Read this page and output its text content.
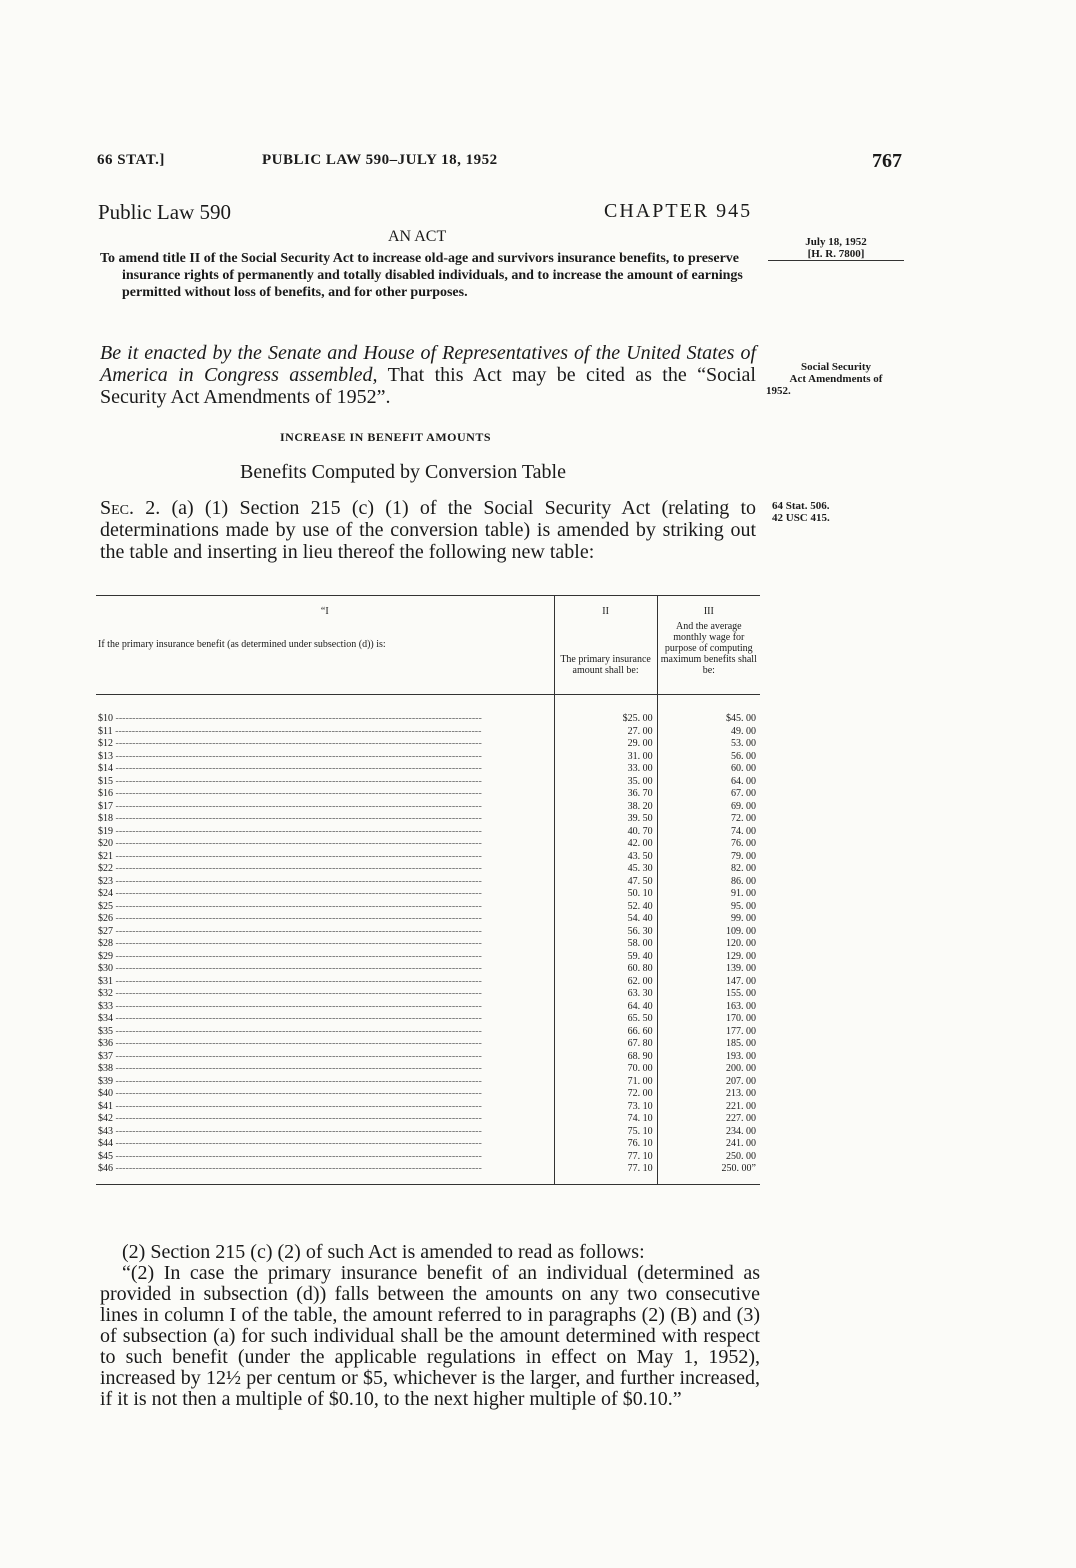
66 STAT.]	PUBLIC LAW 590–JULY 18, 1952	767
Public Law 590	CHAPTER 945
AN ACT
To amend title II of the Social Security Act to increase old-age and survivors insurance benefits, to preserve insurance rights of permanently and totally disabled individuals, and to increase the amount of earnings permitted without loss of benefits, and for other purposes.
July 18, 1952
[H. R. 7800]
Social Security
Act Amendments of
1952.
64 Stat. 506.
42 USC 415.
Be it enacted by the Senate and House of Representatives of the United States of America in Congress assembled, That this Act may be cited as the “Social Security Act Amendments of 1952”.
INCREASE IN BENEFIT AMOUNTS
Benefits Computed by Conversion Table
Sec. 2. (a) (1) Section 215 (c) (1) of the Social Security Act (relating to determinations made by use of the conversion table) is amended by striking out the table and inserting in lieu thereof the following new table:
“I	II	III
If the primary insurance benefit (as determined under subsection (d)) is:	The primary insurance amount shall be:	And the average monthly wage for purpose of computing maximum benefits shall be:
$10 --------------------------------------------------------------------------------------------------------------	$25. 00	$45. 00
$11 --------------------------------------------------------------------------------------------------------------	27. 00	49. 00
$12 --------------------------------------------------------------------------------------------------------------	29. 00	53. 00
$13 --------------------------------------------------------------------------------------------------------------	31. 00	56. 00
$14 --------------------------------------------------------------------------------------------------------------	33. 00	60. 00
$15 --------------------------------------------------------------------------------------------------------------	35. 00	64. 00
$16 --------------------------------------------------------------------------------------------------------------	36. 70	67. 00
$17 --------------------------------------------------------------------------------------------------------------	38. 20	69. 00
$18 --------------------------------------------------------------------------------------------------------------	39. 50	72. 00
$19 --------------------------------------------------------------------------------------------------------------	40. 70	74. 00
$20 --------------------------------------------------------------------------------------------------------------	42. 00	76. 00
$21 --------------------------------------------------------------------------------------------------------------	43. 50	79. 00
$22 --------------------------------------------------------------------------------------------------------------	45. 30	82. 00
$23 --------------------------------------------------------------------------------------------------------------	47. 50	86. 00
$24 --------------------------------------------------------------------------------------------------------------	50. 10	91. 00
$25 --------------------------------------------------------------------------------------------------------------	52. 40	95. 00
$26 --------------------------------------------------------------------------------------------------------------	54. 40	99. 00
$27 --------------------------------------------------------------------------------------------------------------	56. 30	109. 00
$28 --------------------------------------------------------------------------------------------------------------	58. 00	120. 00
$29 --------------------------------------------------------------------------------------------------------------	59. 40	129. 00
$30 --------------------------------------------------------------------------------------------------------------	60. 80	139. 00
$31 --------------------------------------------------------------------------------------------------------------	62. 00	147. 00
$32 --------------------------------------------------------------------------------------------------------------	63. 30	155. 00
$33 --------------------------------------------------------------------------------------------------------------	64. 40	163. 00
$34 --------------------------------------------------------------------------------------------------------------	65. 50	170. 00
$35 --------------------------------------------------------------------------------------------------------------	66. 60	177. 00
$36 --------------------------------------------------------------------------------------------------------------	67. 80	185. 00
$37 --------------------------------------------------------------------------------------------------------------	68. 90	193. 00
$38 --------------------------------------------------------------------------------------------------------------	70. 00	200. 00
$39 --------------------------------------------------------------------------------------------------------------	71. 00	207. 00
$40 --------------------------------------------------------------------------------------------------------------	72. 00	213. 00
$41 --------------------------------------------------------------------------------------------------------------	73. 10	221. 00
$42 --------------------------------------------------------------------------------------------------------------	74. 10	227. 00
$43 --------------------------------------------------------------------------------------------------------------	75. 10	234. 00
$44 --------------------------------------------------------------------------------------------------------------	76. 10	241. 00
$45 --------------------------------------------------------------------------------------------------------------	77. 10	250. 00
$46 --------------------------------------------------------------------------------------------------------------	77. 10	250. 00”
(2) Section 215 (c) (2) of such Act is amended to read as follows:
“(2) In case the primary insurance benefit of an individual (determined as provided in subsection (d)) falls between the amounts on any two consecutive lines in column I of the table, the amount referred to in paragraphs (2) (B) and (3) of subsection (a) for such individual shall be the amount determined with respect to such benefit (under the applicable regulations in effect on May 1, 1952), increased by 12½ per centum or $5, whichever is the larger, and further increased, if it is not then a multiple of $0.10, to the next higher multiple of $0.10.”
